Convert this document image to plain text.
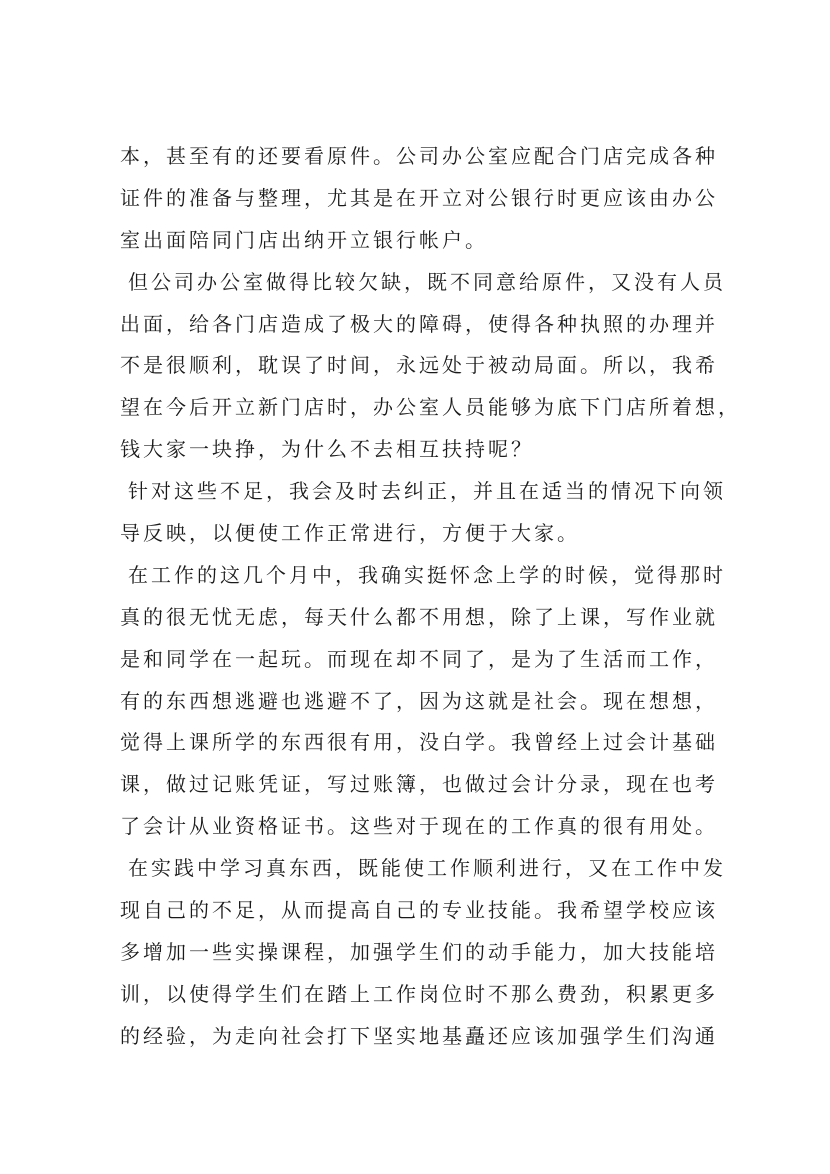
本，甚至有的还要看原件。公司办公室应配合门店完成各种
证件的准备与整理，尤其是在开立对公银行时更应该由办公
室出面陪同门店出纳开立银行帐户。
但公司办公室做得比较欠缺，既不同意给原件，又没有人员
出面，给各门店造成了极大的障碍，使得各种执照的办理并
不是很顺利，耽误了时间，永远处于被动局面。所以，我希
望在今后开立新门店时，办公室人员能够为底下门店所着想，
钱大家一块挣，为什么不去相互扶持呢？
针对这些不足，我会及时去纠正，并且在适当的情况下向领
导反映，以便使工作正常进行，方便于大家。
在工作的这几个月中，我确实挺怀念上学的时候，觉得那时
真的很无忧无虑，每天什么都不用想，除了上课，写作业就
是和同学在一起玩。而现在却不同了，是为了生活而工作，
有的东西想逃避也逃避不了，因为这就是社会。现在想想，
觉得上课所学的东西很有用，没白学。我曾经上过会计基础
课，做过记账凭证，写过账簿，也做过会计分录，现在也考
了会计从业资格证书。这些对于现在的工作真的很有用处。
在实践中学习真东西，既能使工作顺利进行，又在工作中发
现自己的不足，从而提高自己的专业技能。我希望学校应该
多增加一些实操课程，加强学生们的动手能力，加大技能培
训，以使得学生们在踏上工作岗位时不那么费劲，积累更多
的经验，为走向社会打下坚实地基矗还应该加强学生们沟通
